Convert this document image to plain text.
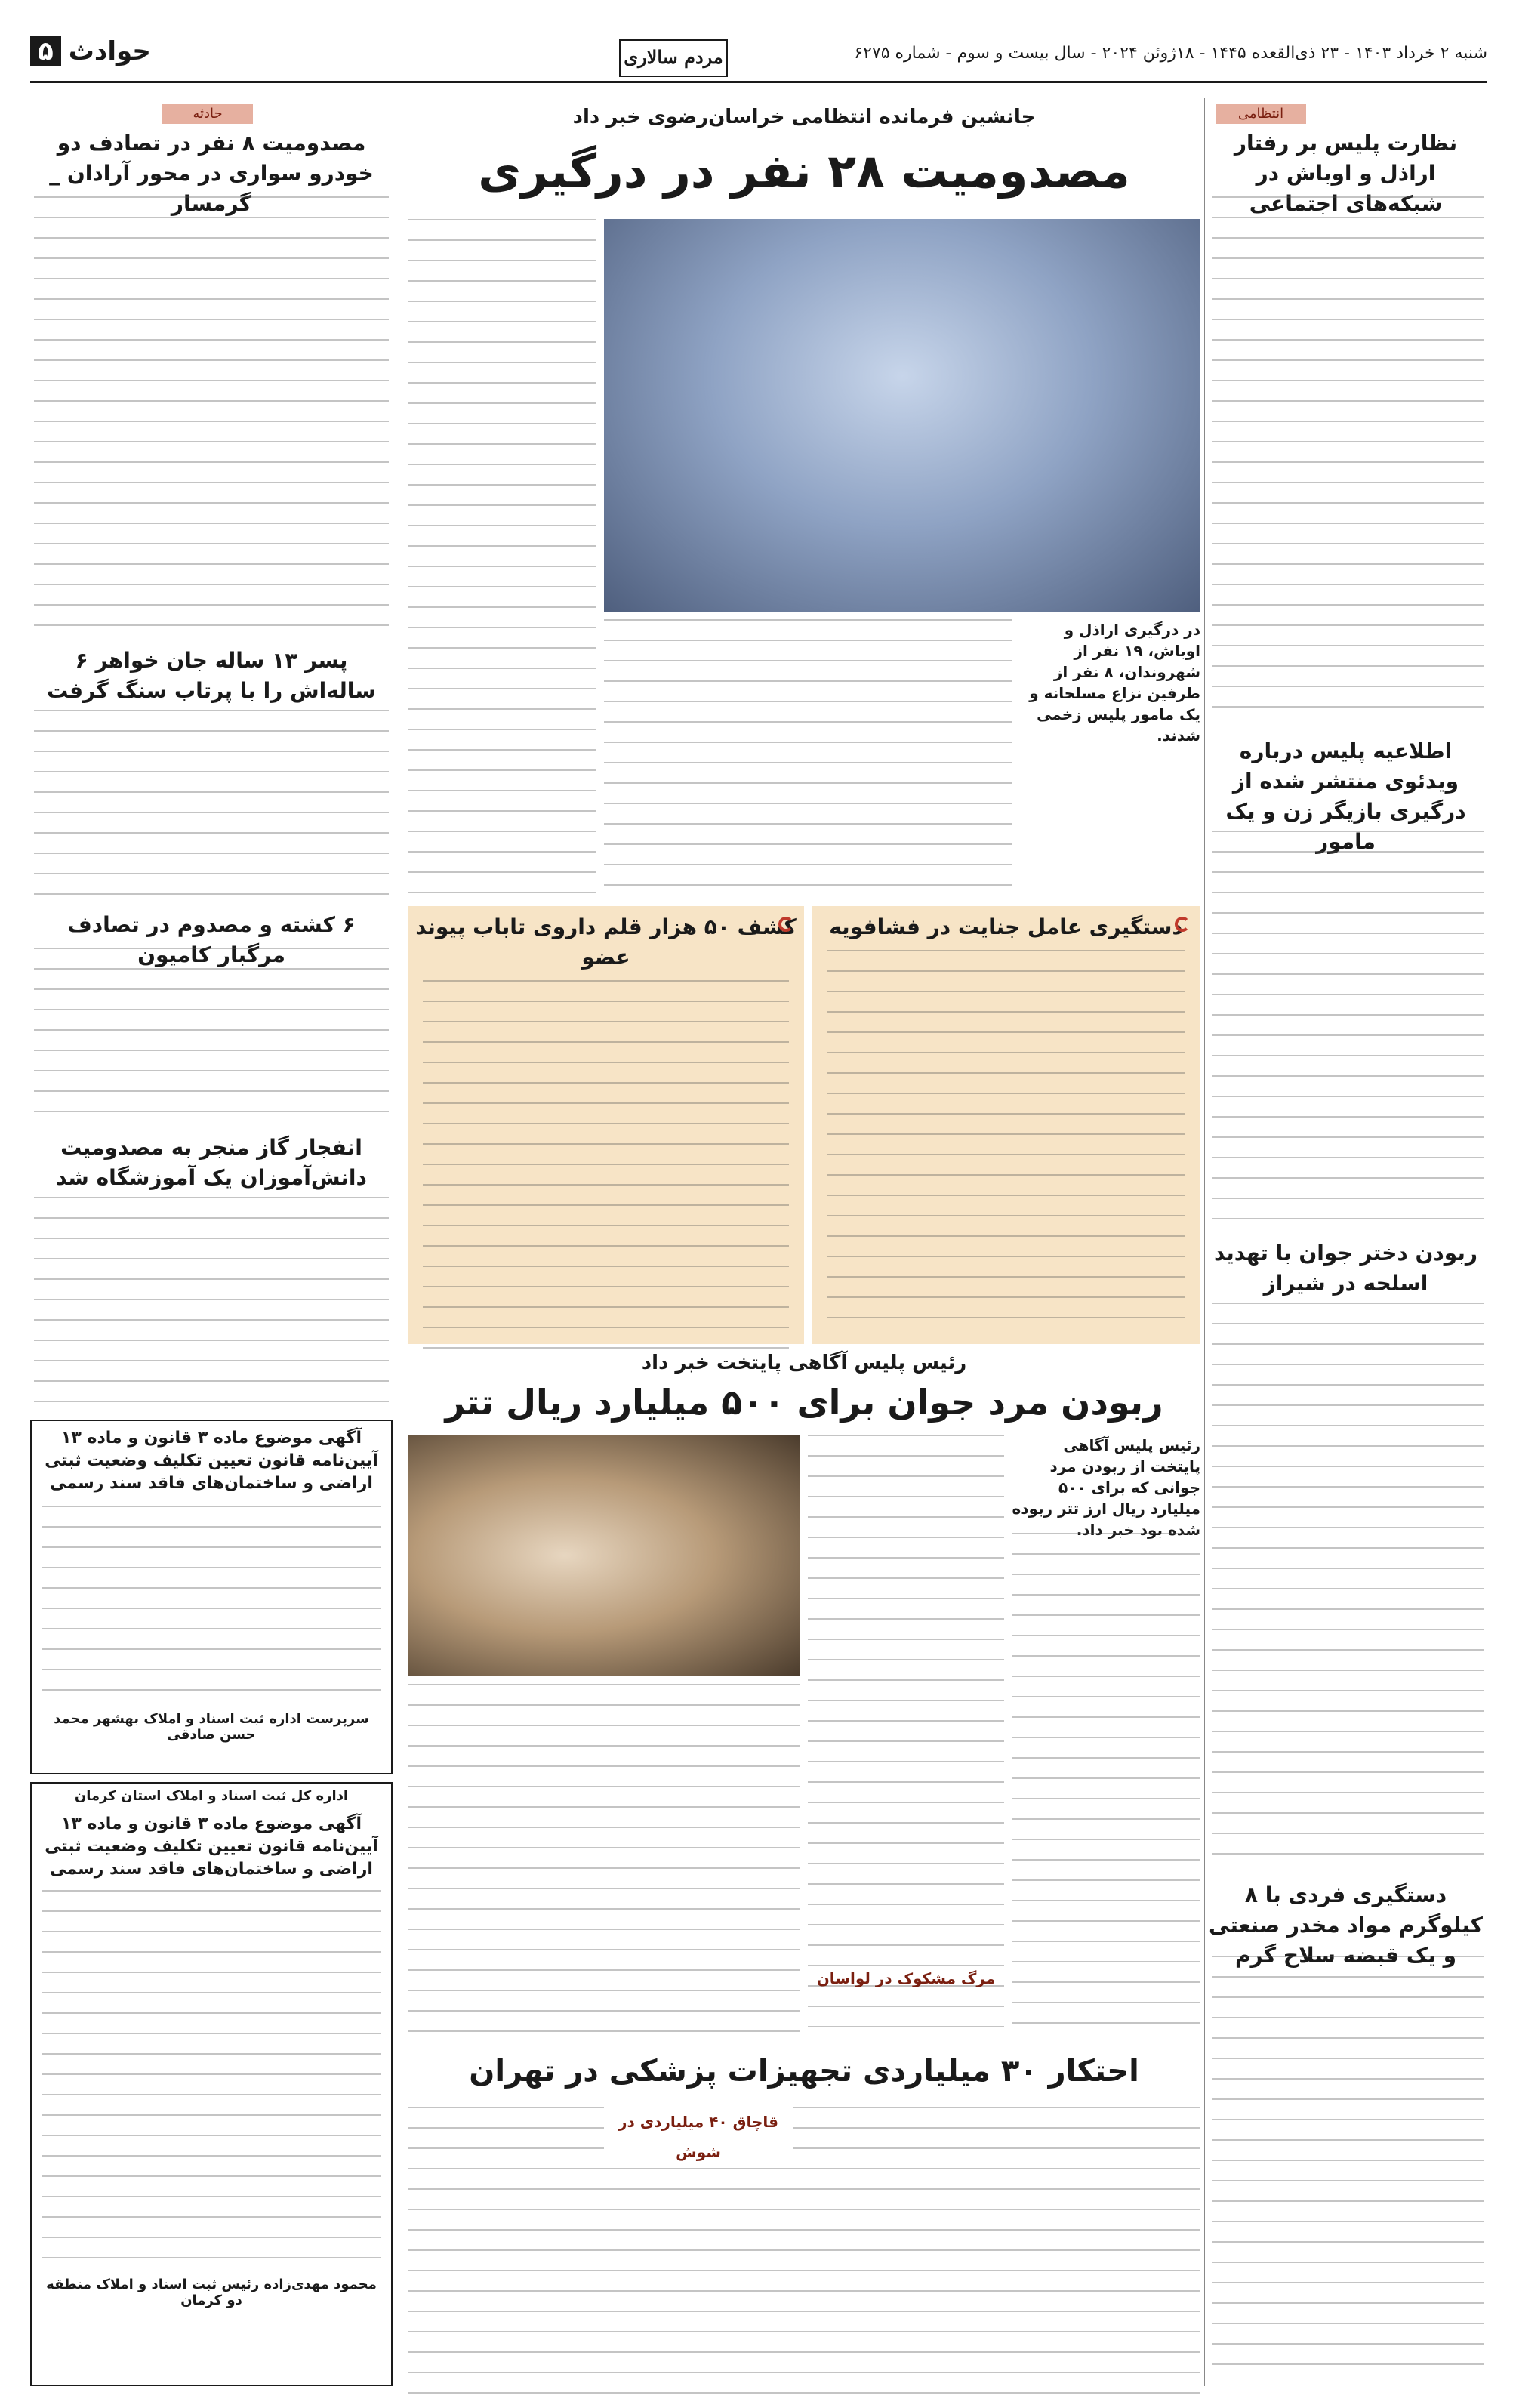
شنبه ۲ خرداد ۱۴۰۳ - ۲۳ ذی‌القعده ۱۴۴۵ - ۱۸ژوئن ۲۰۲۴ - سال بیست و سوم - شماره ۶۲۷۵
مردم سالاری
حوادث۵
انتظامی
نظارت پلیس بر رفتار اراذل و اوباش در شبکه‌های اجتماعی
اطلاعیه پلیس درباره ویدئوی منتشر شده از درگیری بازیگر زن و یک مامور
ربودن دختر جوان با تهدید اسلحه در شیراز
دستگیری فردی با ۸ کیلوگرم مواد مخدر صنعتی و یک قبضه سلاح گرم
حادثه
مصدومیت ۸ نفر در تصادف دو خودرو سواری در محور آرادان _ گرمسار
پسر ۱۳ ساله جان خواهر ۶ ساله‌اش را با پرتاب سنگ گرفت
۶ کشته و مصدوم در تصادف مرگبار کامیون
انفجار گاز منجر به مصدومیت دانش‌آموزان یک آموزشگاه شد
جانشین فرمانده انتظامی خراسان‌رضوی خبر داد
مصدومیت ۲۸ نفر در درگیری
در درگیری اراذل و اوباش، ۱۹ نفر از شهروندان، ۸ نفر از طرفین نزاع مسلحانه و یک مامور پلیس زخمی شدند.
دستگیری عامل جنایت در فشافویه
کشف ۵۰ هزار قلم داروی تاباب پیوند عضو
رئیس پلیس آگاهی پایتخت خبر داد
ربودن مرد جوان برای ۵۰۰ میلیارد ریال تتر
رئیس پلیس آگاهی پایتخت از ربودن مرد جوانی که برای ۵۰۰ میلیارد ریال ارز تتر ربوده شده بود خبر داد.
مرگ مشکوک در لواسان
احتکار ۳۰ میلیاردی تجهیزات پزشکی در تهران
قاچاق ۴۰ میلیاردی در شوش
آگهی موضوع ماده ۳ قانون و ماده ۱۳ آیین‌نامه قانون تعیین تکلیف وضعیت ثبتی اراضی و ساختمان‌های فاقد سند رسمی
سرپرست اداره ثبت اسناد و املاک بهشهر محمد حسن صادقی
اداره کل ثبت اسناد و املاک استان کرمان
آگهی موضوع ماده ۳ قانون و ماده ۱۳ آیین‌نامه قانون تعیین تکلیف وضعیت ثبتی اراضی و ساختمان‌های فاقد سند رسمی
محمود مهدی‌زاده رئیس ثبت اسناد و املاک منطقه دو کرمان
